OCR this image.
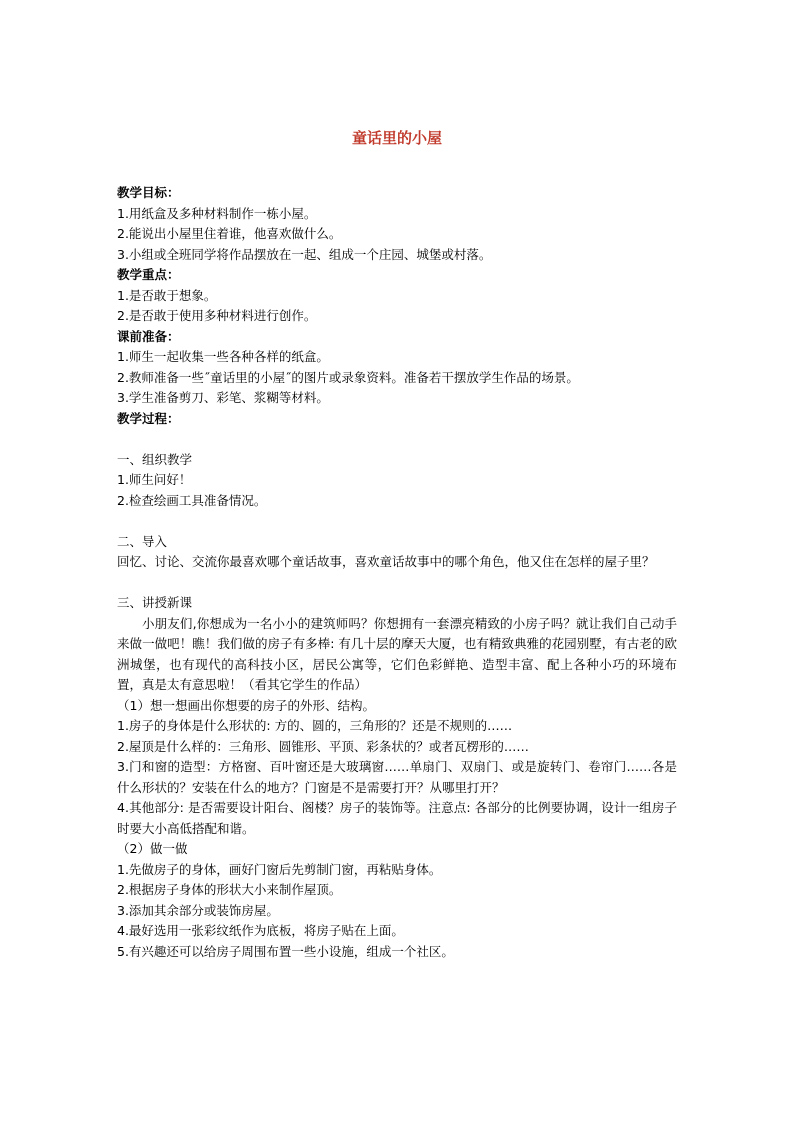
童话里的小屋
教学目标：
1.用纸盒及多种材料制作一栋小屋。
2.能说出小屋里住着谁，他喜欢做什么。
3.小组或全班同学将作品摆放在一起、组成一个庄园、城堡或村落。
教学重点：
1.是否敢于想象。
2.是否敢于使用多种材料进行创作。
课前准备：
1.师生一起收集一些各种各样的纸盒。
2.教师准备一些˝童话里的小屋˝的图片或录象资料。准备若干摆放学生作品的场景。
3.学生准备剪刀、彩笔、浆糊等材料。
教学过程：
一、组织教学
1.师生问好！
2.检查绘画工具准备情况。
二、导入
回忆、讨论、交流你最喜欢哪个童话故事，喜欢童话故事中的哪个角色，他又住在怎样的屋子里？
三、讲授新课
小朋友们,你想成为一名小小的建筑师吗？你想拥有一套漂亮精致的小房子吗？就让我们自己动手来做一做吧！瞧！我们做的房子有多棒: 有几十层的摩天大厦，也有精致典雅的花园别墅，有古老的欧洲城堡，也有现代的高科技小区，居民公寓等，它们色彩鲜艳、造型丰富、配上各种小巧的环境布置，真是太有意思啦！（看其它学生的作品）
（1）想一想画出你想要的房子的外形、结构。
1.房子的身体是什么形状的: 方的、圆的，三角形的？还是不规则的……
2.屋顶是什么样的：三角形、圆锥形、平顶、彩条状的？或者瓦楞形的……
3.门和窗的造型：方格窗、百叶窗还是大玻璃窗……单扇门、双扇门、或是旋转门、卷帘门……各是什么形状的？安装在什么的地方？门窗是不是需要打开？从哪里打开？
4.其他部分: 是否需要设计阳台、阁楼？房子的装饰等。注意点: 各部分的比例要协调，设计一组房子时要大小高低搭配和谐。
（2）做一做
1.先做房子的身体，画好门窗后先剪制门窗，再粘贴身体。
2.根据房子身体的形状大小来制作屋顶。
3.添加其余部分或装饰房屋。
4.最好选用一张彩纹纸作为底板，将房子贴在上面。
5.有兴趣还可以给房子周围布置一些小设施，组成一个社区。
